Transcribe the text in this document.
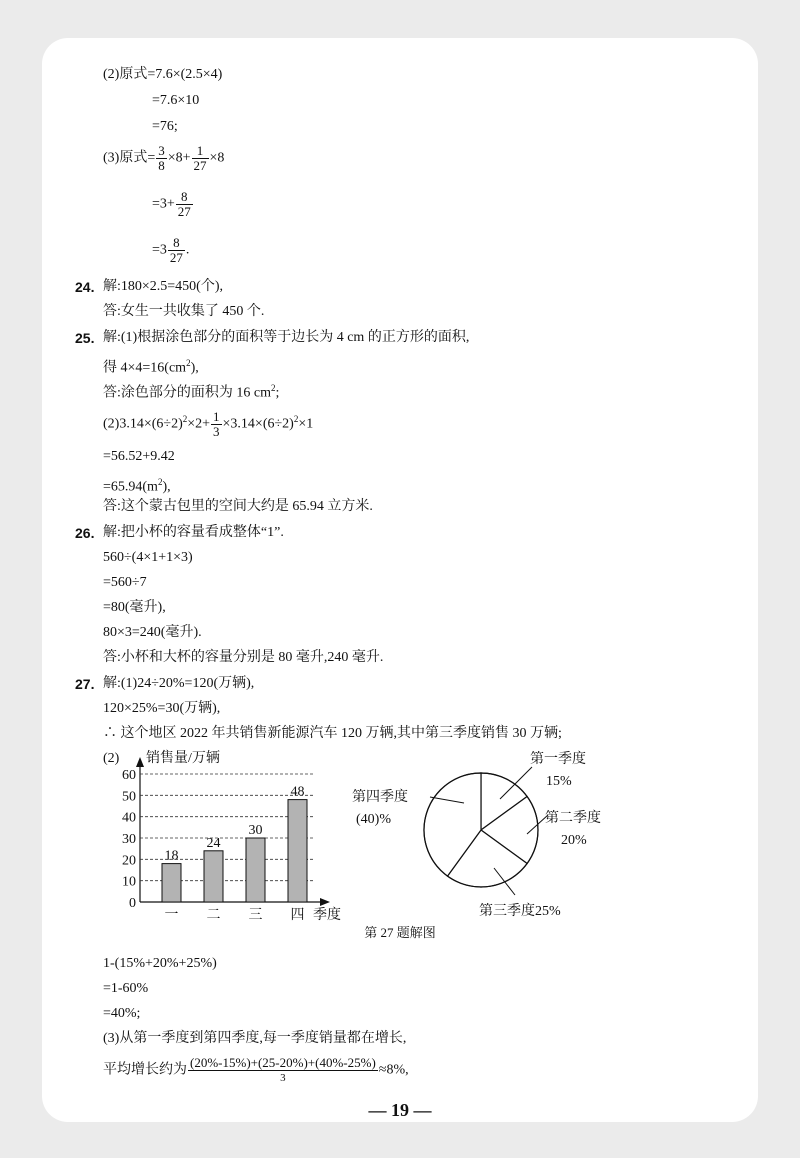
(2)原式=7.6×(2.5×4)
=7.6×10
=76;
(3)原式= $\frac{3}{8} \times 8+ \frac{1}{27} \times 8$
$=3+ \frac{8}{27}$
$=3 \frac{8}{27}$ .
24. 解:180×2.5=450(个),
答:女生一共收集了 450 个.
25. 解:(1)根据涂色部分的面积等于边长为 4 cm 的正方形的面积,
得 $4\times 4=16(cm^2)$,
答:涂色部分的面积为 16 $cm^2$;
$(2)3.14\times(6\div 2)^2\times 2+ \frac{1}{3} \times 3.14\times(6\div 2)^2\times 1$
=56.52+9.42
$=65.94(m^2)$,
答:这个蒙古包里的空间大约是 65.94 立方米.
26. 解:把小杯的容量看成整体“1”.
560÷(4×1+1×3)
=560÷7
=80(毫升),
80×3=240(毫升).
答:小杯和大杯的容量分别是 80 毫升,240 毫升.
27. 解:(1)24÷20%=120(万辆),
120×25%=30(万辆),
∴ 这个地区 2022 年共销售新能源汽车 120 万辆,其中第三季度销售 30 万辆;
(2) 销售量/万辆
季度
0
10
20
30
40
50
60
18
24
30
48
一 二 三 四
第一季度
15%
第二季度
20%
第三季度25%
第四季度
(40)%
第 27 题解图
1-(15%+20%+25%)
=1-60%
=40%;
(3)从第一季度到第四季度,每一季度销量都在增长,
平均增长约为 $\frac{(20\%-15\%)+(25-20\%)+(40\%-25\%)}{3} \approx 8\%$,
— 19 —
